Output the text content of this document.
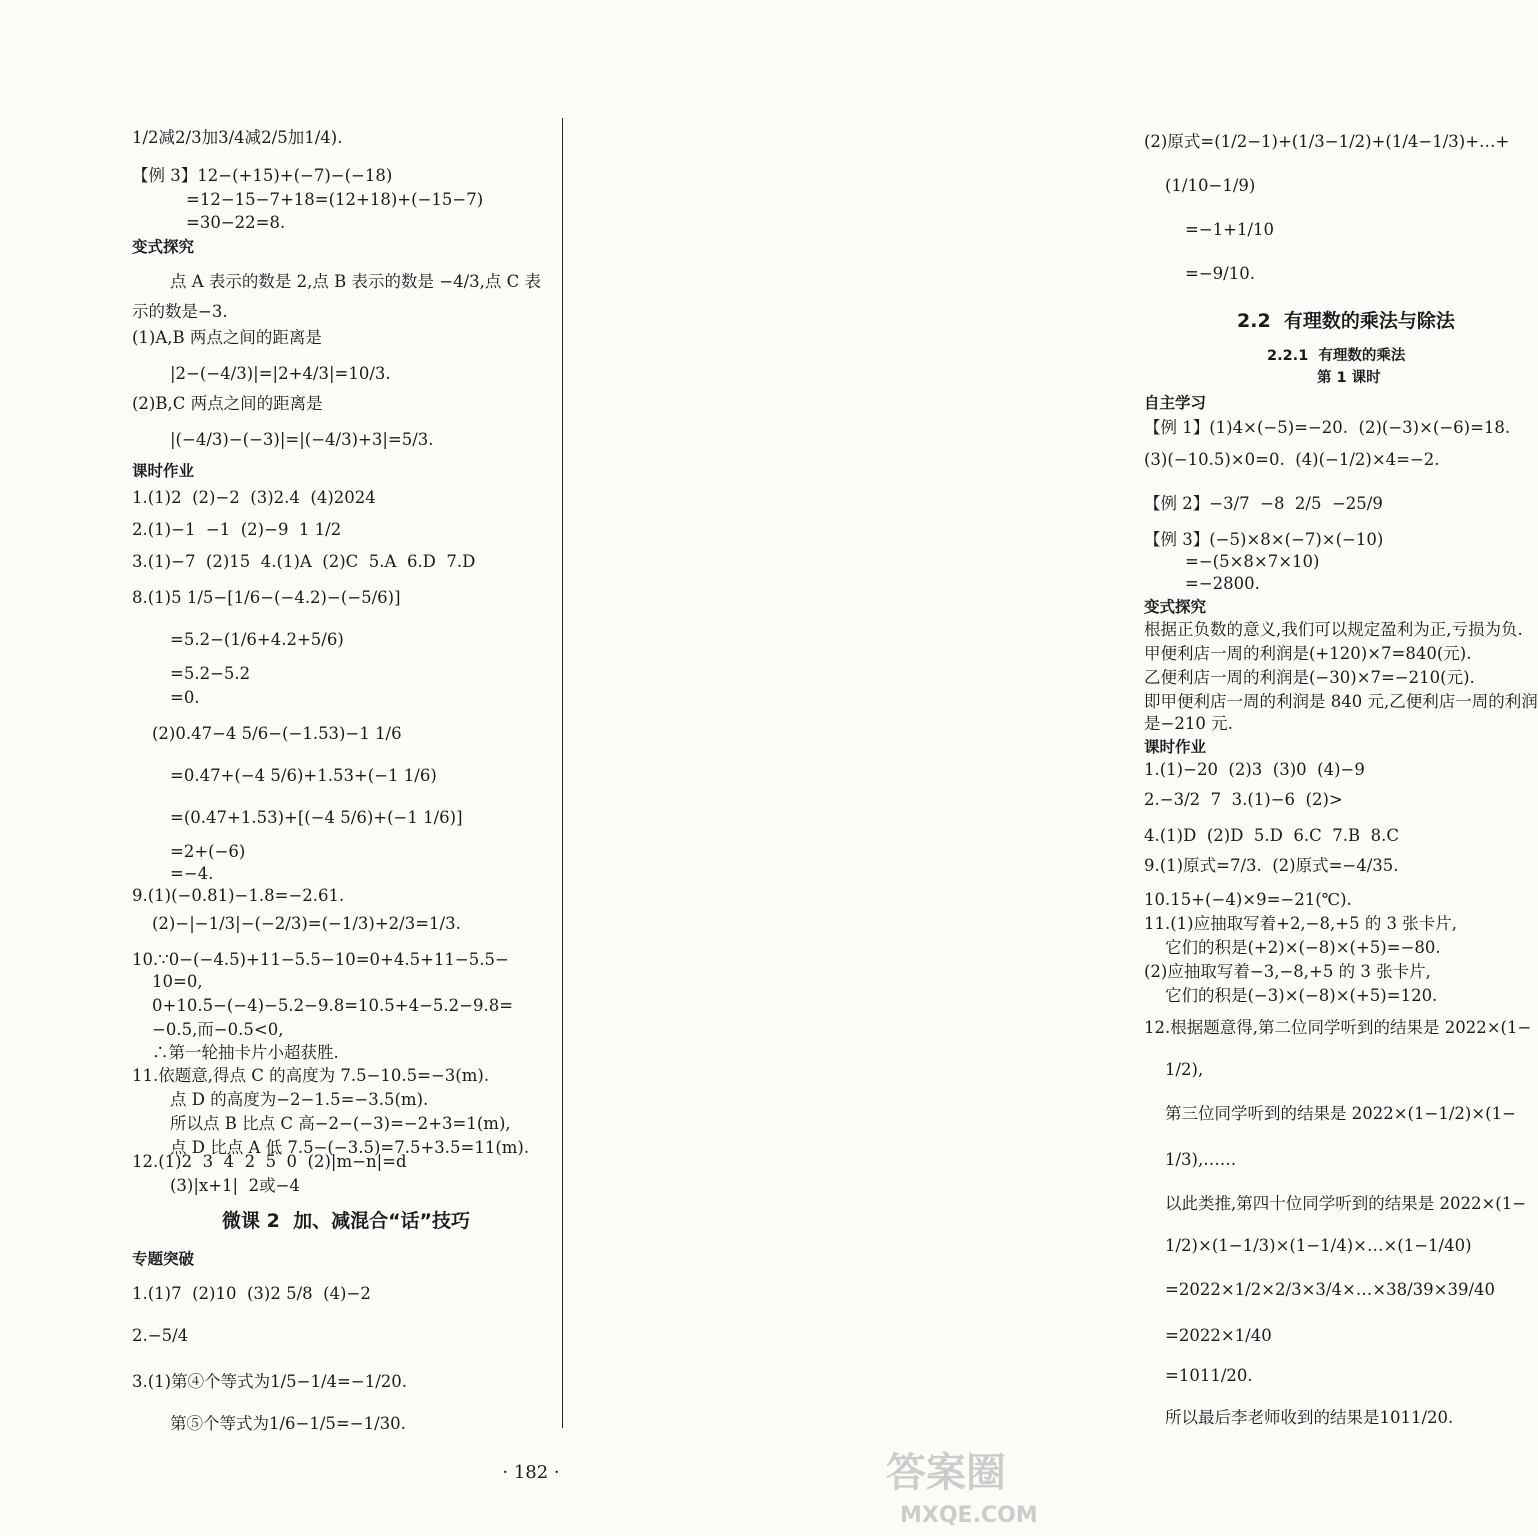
1/2减2/3加3/4减2/5加1/4).
【例 3】12−(+15)+(−7)−(−18)
=12−15−7+18=(12+18)+(−15−7)
=30−22=8.
变式探究
点 A 表示的数是 2,点 B 表示的数是 −4/3,点 C 表
示的数是−3.
(1)A,B 两点之间的距离是
|2−(−4/3)|=|2+4/3|=10/3.
(2)B,C 两点之间的距离是
|(−4/3)−(−3)|=|(−4/3)+3|=5/3.
课时作业
1.(1)2  (2)−2  (3)2.4  (4)2024
2.(1)−1  −1  (2)−9  1 1/2
3.(1)−7  (2)15  4.(1)A  (2)C  5.A  6.D  7.D
8.(1)5 1/5−[1/6−(−4.2)−(−5/6)]
=5.2−(1/6+4.2+5/6)
=5.2−5.2
=0.
(2)0.47−4 5/6−(−1.53)−1 1/6
=0.47+(−4 5/6)+1.53+(−1 1/6)
=(0.47+1.53)+[(−4 5/6)+(−1 1/6)]
=2+(−6)
=−4.
9.(1)(−0.81)−1.8=−2.61.
(2)−|−1/3|−(−2/3)=(−1/3)+2/3=1/3.
10.∵0−(−4.5)+11−5.5−10=0+4.5+11−5.5−
10=0,
0+10.5−(−4)−5.2−9.8=10.5+4−5.2−9.8=
−0.5,而−0.5<0,
∴第一轮抽卡片小超获胜.
11.依题意,得点 C 的高度为 7.5−10.5=−3(m).
点 D 的高度为−2−1.5=−3.5(m).
所以点 B 比点 C 高−2−(−3)=−2+3=1(m),
点 D 比点 A 低 7.5−(−3.5)=7.5+3.5=11(m).
12.(1)2  3  4  2  5  0  (2)|m−n|=d
(3)|x+1|  2或−4
微课 2  加、减混合“话”技巧
专题突破
1.(1)7  (2)10  (3)2 5/8  (4)−2
2.−5/4
3.(1)第④个等式为1/5−1/4=−1/20.
第⑤个等式为1/6−1/5=−1/30.
(2)原式=(1/2−1)+(1/3−1/2)+(1/4−1/3)+…+
(1/10−1/9)
=−1+1/10
=−9/10.
2.2  有理数的乘法与除法
2.2.1  有理数的乘法
第 1 课时
自主学习
【例 1】(1)4×(−5)=−20.  (2)(−3)×(−6)=18.
(3)(−10.5)×0=0.  (4)(−1/2)×4=−2.
【例 2】−3/7  −8  2/5  −25/9
【例 3】(−5)×8×(−7)×(−10)
=−(5×8×7×10)
=−2800.
变式探究
根据正负数的意义,我们可以规定盈利为正,亏损为负.
甲便利店一周的利润是(+120)×7=840(元).
乙便利店一周的利润是(−30)×7=−210(元).
即甲便利店一周的利润是 840 元,乙便利店一周的利润
是−210 元.
课时作业
1.(1)−20  (2)3  (3)0  (4)−9
2.−3/2  7  3.(1)−6  (2)>
4.(1)D  (2)D  5.D  6.C  7.B  8.C
9.(1)原式=7/3.  (2)原式=−4/35.
10.15+(−4)×9=−21(℃).
11.(1)应抽取写着+2,−8,+5 的 3 张卡片,
它们的积是(+2)×(−8)×(+5)=−80.
(2)应抽取写着−3,−8,+5 的 3 张卡片,
它们的积是(−3)×(−8)×(+5)=120.
12.根据题意得,第二位同学听到的结果是 2022×(1−
1/2),
第三位同学听到的结果是 2022×(1−1/2)×(1−
1/3),……
以此类推,第四十位同学听到的结果是 2022×(1−
1/2)×(1−1/3)×(1−1/4)×…×(1−1/40)
=2022×1/2×2/3×3/4×…×38/39×39/40
=2022×1/40
=1011/20.
所以最后李老师收到的结果是1011/20.
· 182 ·	答案圈
MXQE.COM
